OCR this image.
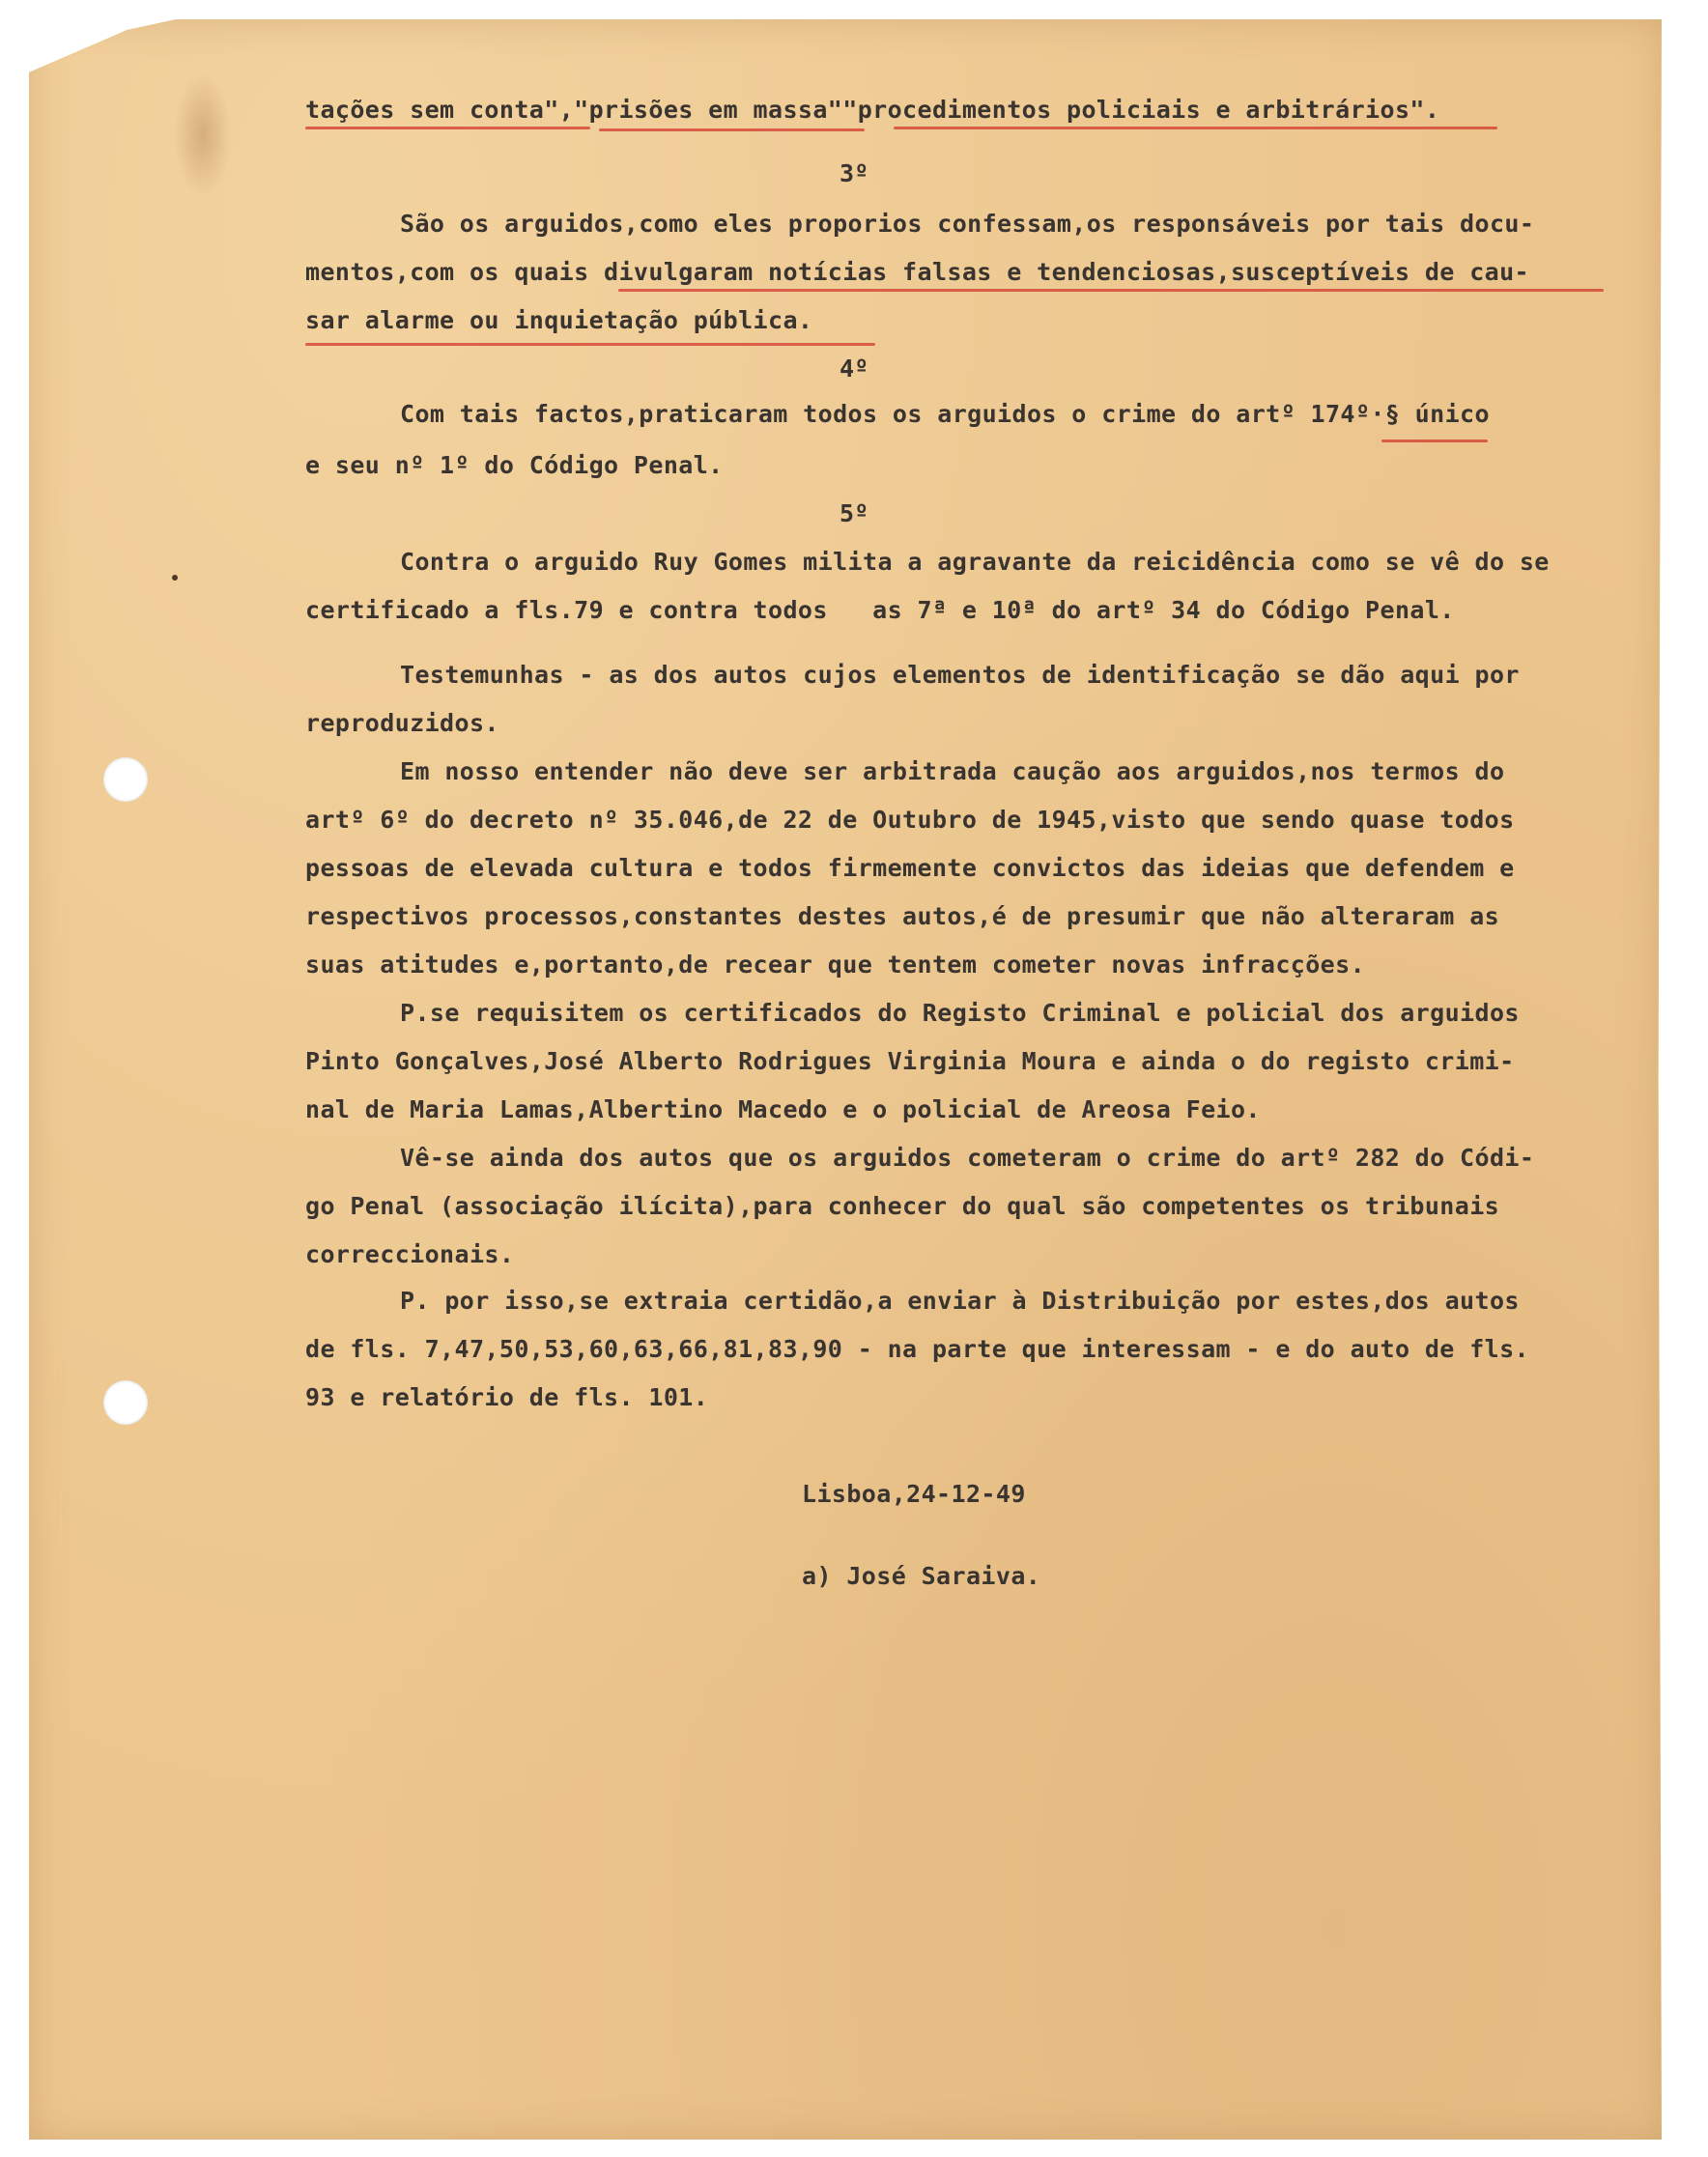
tações sem conta","prisões em massa""procedimentos policiais e arbitrários".

3º

São os arguidos,como eles proporios confessam,os responsáveis por tais docu-

mentos,com os quais divulgaram notícias falsas e tendenciosas,susceptíveis de cau-

sar alarme ou inquietação pública.

4º

Com tais factos,praticaram todos os arguidos o crime do artº 174º·§ único

e seu nº 1º do Código Penal.

5º

Contra o arguido Ruy Gomes milita a agravante da reicidência como se vê do se

certificado a fls.79 e contra todos   as 7ª e 10ª do artº 34 do Código Penal.

Testemunhas - as dos autos cujos elementos de identificação se dão aqui por

reproduzidos.

Em nosso entender não deve ser arbitrada caução aos arguidos,nos termos do

artº 6º do decreto nº 35.046,de 22 de Outubro de 1945,visto que sendo quase todos

pessoas de elevada cultura e todos firmemente convictos das ideias que defendem e

respectivos processos,constantes destes autos,é de presumir que não alteraram as

suas atitudes e,portanto,de recear que tentem cometer novas infracções.

P.se requisitem os certificados do Registo Criminal e policial dos arguidos

Pinto Gonçalves,José Alberto Rodrigues Virginia Moura e ainda o do registo crimi-

nal de Maria Lamas,Albertino Macedo e o policial de Areosa Feio.

Vê-se ainda dos autos que os arguidos cometeram o crime do artº 282 do Códi-

go Penal (associação ilícita),para conhecer do qual são competentes os tribunais

correccionais.

P. por isso,se extraia certidão,a enviar à Distribuição por estes,dos autos

de fls. 7,47,50,53,60,63,66,81,83,90 - na parte que interessam - e do auto de fls.

93 e relatório de fls. 101.

Lisboa,24-12-49

a) José Saraiva.
